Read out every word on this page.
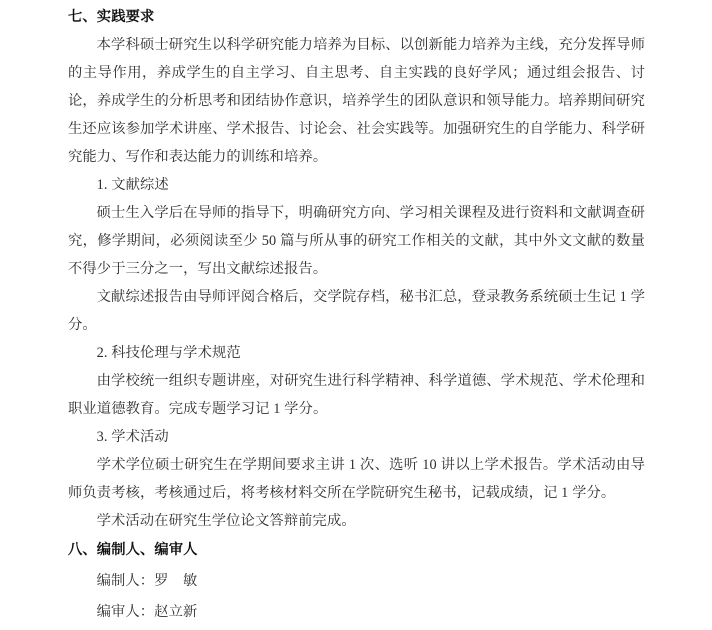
七、实践要求
本学科硕士研究生以科学研究能力培养为目标、以创新能力培养为主线，充分发挥导师的主导作用，养成学生的自主学习、自主思考、自主实践的良好学风；通过组会报告、讨论，养成学生的分析思考和团结协作意识，培养学生的团队意识和领导能力。培养期间研究生还应该参加学术讲座、学术报告、讨论会、社会实践等。加强研究生的自学能力、科学研究能力、写作和表达能力的训练和培养。
1. 文献综述
硕士生入学后在导师的指导下，明确研究方向、学习相关课程及进行资料和文献调查研究，修学期间，必须阅读至少 50 篇与所从事的研究工作相关的文献，其中外文文献的数量不得少于三分之一，写出文献综述报告。
文献综述报告由导师评阅合格后，交学院存档，秘书汇总，登录教务系统硕士生记 1 学分。
2. 科技伦理与学术规范
由学校统一组织专题讲座，对研究生进行科学精神、科学道德、学术规范、学术伦理和职业道德教育。完成专题学习记 1 学分。
3. 学术活动
学术学位硕士研究生在学期间要求主讲 1 次、选听 10 讲以上学术报告。学术活动由导师负责考核，考核通过后，将考核材料交所在学院研究生秘书，记载成绩，记 1 学分。
学术活动在研究生学位论文答辩前完成。
八、编制人、编审人
编制人：罗　敏
编审人：赵立新
